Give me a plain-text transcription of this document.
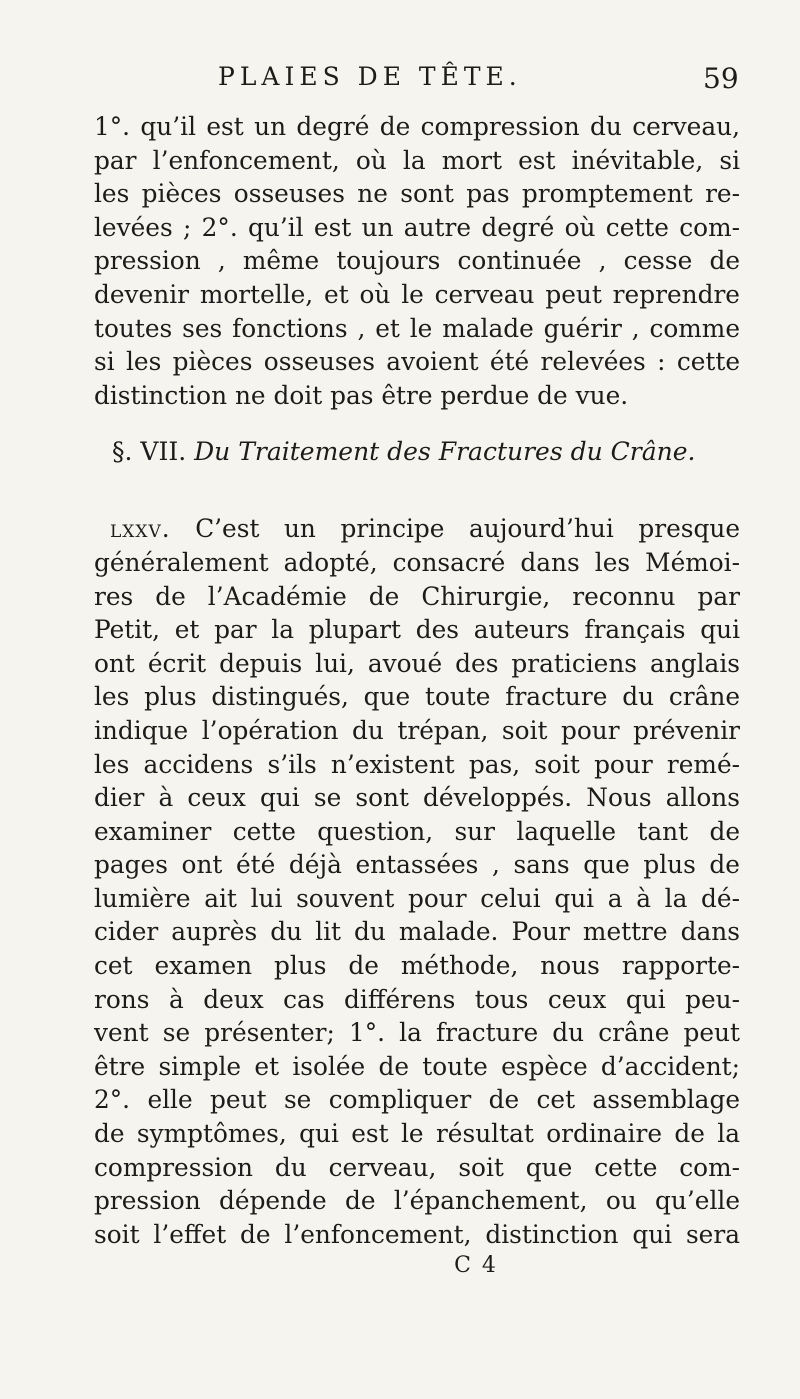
PLAIES DE TÊTE.	59
1°. qu’il est un degré de compression du cerveau,
par l’enfoncement, où la mort est inévitable, si
les pièces osseuses ne sont pas promptement re-
levées ; 2°. qu’il est un autre degré où cette com-
pression , même toujours continuée , cesse de
devenir mortelle, et où le cerveau peut reprendre
toutes ses fonctions , et le malade guérir , comme
si les pièces osseuses avoient été relevées : cette
distinction ne doit pas être perdue de vue.
§. VII. Du Traitement des Fractures du Crâne.
lxxv. C’est un principe aujourd’hui presque
généralement adopté, consacré dans les Mémoi-
res de l’Académie de Chirurgie, reconnu par
Petit, et par la plupart des auteurs français qui
ont écrit depuis lui, avoué des praticiens anglais
les plus distingués, que toute fracture du crâne
indique l’opération du trépan, soit pour prévenir
les accidens s’ils n’existent pas, soit pour remé-
dier à ceux qui se sont développés. Nous allons
examiner cette question, sur laquelle tant de
pages ont été déjà entassées , sans que plus de
lumière ait lui souvent pour celui qui a à la dé-
cider auprès du lit du malade. Pour mettre dans
cet examen plus de méthode, nous rapporte-
rons à deux cas différens tous ceux qui peu-
vent se présenter; 1°. la fracture du crâne peut
être simple et isolée de toute espèce d’accident;
2°. elle peut se compliquer de cet assemblage
de symptômes, qui est le résultat ordinaire de la
compression du cerveau, soit que cette com-
pression dépende de l’épanchement, ou qu’elle
soit l’effet de l’enfoncement, distinction qui sera
C 4
